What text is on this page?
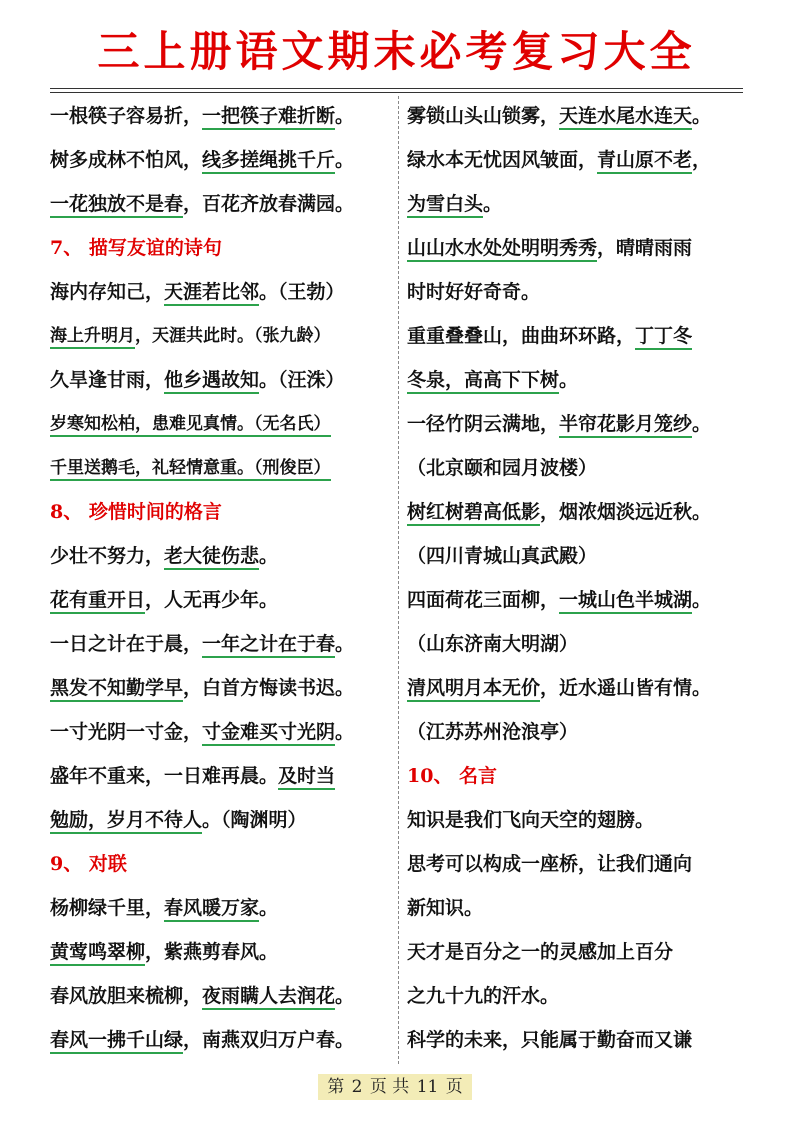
三上册语文期末必考复习大全
一根筷子容易折，一把筷子难折断。
树多成林不怕风，线多搓绳挑千斤。
一花独放不是春，百花齐放春满园。
7、 描写友谊的诗句
海内存知己，天涯若比邻。（王勃）
海上升明月，天涯共此时。（张九龄）
久旱逢甘雨，他乡遇故知。（汪洙）
岁寒知松柏，患难见真情。（无名氏）
千里送鹅毛，礼轻情意重。（刑俊臣）
8、 珍惜时间的格言
少壮不努力，老大徒伤悲。
花有重开日，人无再少年。
一日之计在于晨，一年之计在于春。
黑发不知勤学早，白首方悔读书迟。
一寸光阴一寸金，寸金难买寸光阴。
盛年不重来，一日难再晨。及时当
勉励，岁月不待人。（陶渊明）
9、 对联
杨柳绿千里，春风暖万家。
黄莺鸣翠柳，紫燕剪春风。
春风放胆来梳柳，夜雨瞒人去润花。
春风一拂千山绿，南燕双归万户春。
雾锁山头山锁雾，天连水尾水连天。
绿水本无忧因风皱面，青山原不老，
为雪白头。
山山水水处处明明秀秀，晴晴雨雨
时时好好奇奇。
重重叠叠山，曲曲环环路，丁丁冬
冬泉，高高下下树。
一径竹阴云满地，半帘花影月笼纱。
（北京颐和园月波楼）
树红树碧高低影，烟浓烟淡远近秋。
（四川青城山真武殿）
四面荷花三面柳，一城山色半城湖。
（山东济南大明湖）
清风明月本无价，近水遥山皆有情。
（江苏苏州沧浪亭）
10、 名言
知识是我们飞向天空的翅膀。
思考可以构成一座桥，让我们通向
新知识。
天才是百分之一的灵感加上百分
之九十九的汗水。
科学的未来，只能属于勤奋而又谦
第 2 页 共 11 页
